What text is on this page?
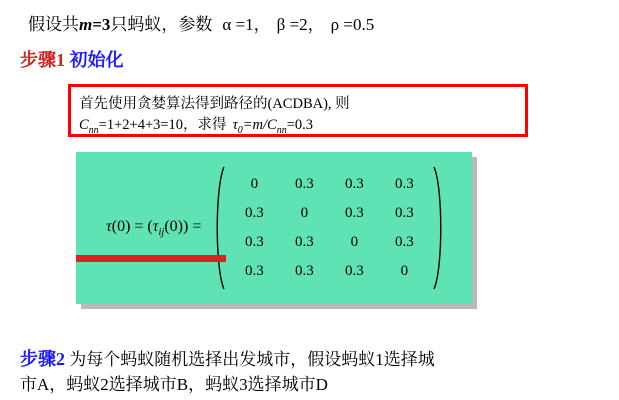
假设共m=3只蚂蚁，参数 α =1， β =2， ρ =0.5
步骤1 初始化
首先使用贪婪算法得到路径的(ACDBA), 则
$C_{nn}=1+2+4+3=10$，求得 $\tau_0=m/C_{nn}=0.3$
$\tau(0) = (\tau_{ij}(0))$ =
0	0.3	0.3	0.3
0.3	0	0.3	0.3
0.3	0.3	0	0.3
0.3	0.3	0.3	0
步骤2 为每个蚂蚁随机选择出发城市，假设蚂蚁1选择城
市A，蚂蚁2选择城市B，蚂蚁3选择城市D
